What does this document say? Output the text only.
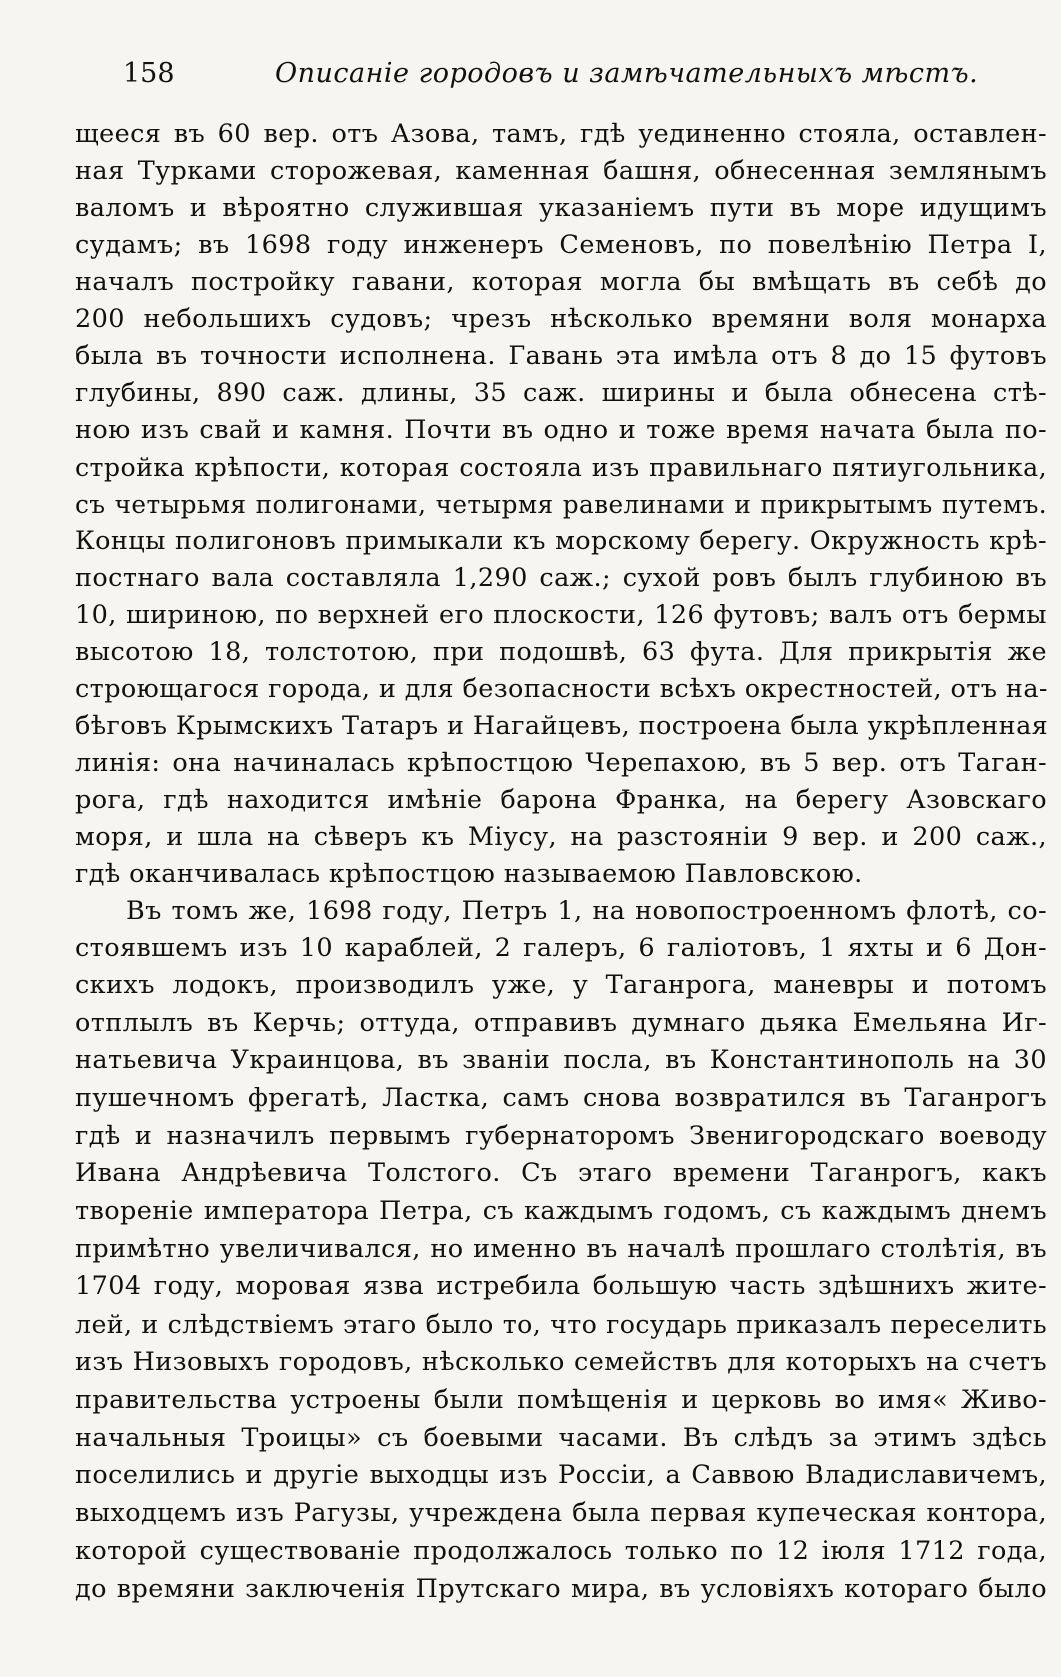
158	Описаніе городовъ и замѣчательныхъ мѣстъ.
щееся въ 60 вер. отъ Азова, тамъ, гдѣ уединенно стояла, оставлен-
ная Турками сторожевая, каменная башня, обнесенная землянымъ
валомъ и вѣроятно служившая указаніемъ пути въ море идущимъ
судамъ; въ 1698 году инженеръ Семеновъ, по повелѣнію Петра I,
началъ постройку гавани, которая могла бы вмѣщать въ себѣ до
200 небольшихъ судовъ; чрезъ нѣсколько времяни воля монарха
была въ точности исполнена. Гавань эта имѣла отъ 8 до 15 футовъ
глубины, 890 саж. длины, 35 саж. ширины и была обнесена стѣ-
ною изъ свай и камня. Почти въ одно и тоже время начата была по-
стройка крѣпости, которая состояла изъ правильнаго пятиугольника,
съ четырьмя полигонами, четырмя равелинами и прикрытымъ путемъ.
Концы полигоновъ примыкали къ морскому берегу. Окружность крѣ-
постнаго вала составляла 1,290 саж.; сухой ровъ былъ глубиною въ
10, шириною, по верхней его плоскости, 126 футовъ; валъ отъ бермы
высотою 18, толстотою, при подошвѣ, 63 фута. Для прикрытія же
строющагося города, и для безопасности всѣхъ окрестностей, отъ на-
бѣговъ Крымскихъ Татаръ и Нагайцевъ, построена была укрѣпленная
линія: она начиналась крѣпостцою Черепахою, въ 5 вер. отъ Таган-
рога, гдѣ находится имѣніе барона Франка, на берегу Азовскаго
моря, и шла на сѣверъ къ Міусу, на разстояніи 9 вер. и 200 саж.,
гдѣ оканчивалась крѣпостцою называемою Павловскою.
Въ томъ же, 1698 году, Петръ 1, на новопостроенномъ флотѣ, со-
стоявшемъ изъ 10 караблей, 2 галеръ, 6 галіотовъ, 1 яхты и 6 Дон-
скихъ лодокъ, производилъ уже, у Таганрога, маневры и потомъ
отплылъ въ Керчь; оттуда, отправивъ думнаго дьяка Емельяна Иг-
натьевича Украинцова, въ званіи посла, въ Константинополь на 30
пушечномъ фрегатѣ, Ластка, самъ снова возвратился въ Таганрогъ
гдѣ и назначилъ первымъ губернаторомъ Звенигородскаго воеводу
Ивана Андрѣевича Толстого. Съ этаго времени Таганрогъ, какъ
твореніе императора Петра, съ каждымъ годомъ, съ каждымъ днемъ
примѣтно увеличивался, но именно въ началѣ прошлаго столѣтія, въ
1704 году, моровая язва истребила большую часть здѣшнихъ жите-
лей, и слѣдствіемъ этаго было то, что государь приказалъ переселить
изъ Низовыхъ городовъ, нѣсколько семействъ для которыхъ на счетъ
правительства устроены были помѣщенія и церковь во имя« Живо-
начальныя Троицы» съ боевыми часами. Въ слѣдъ за этимъ здѣсь
поселились и другіе выходцы изъ Россіи, а Саввою Владиславичемъ,
выходцемъ изъ Рагузы, учреждена была первая купеческая контора,
которой существованіе продолжалось только по 12 іюля 1712 года,
до времяни заключенія Прутскаго мира, въ условіяхъ котораго было
